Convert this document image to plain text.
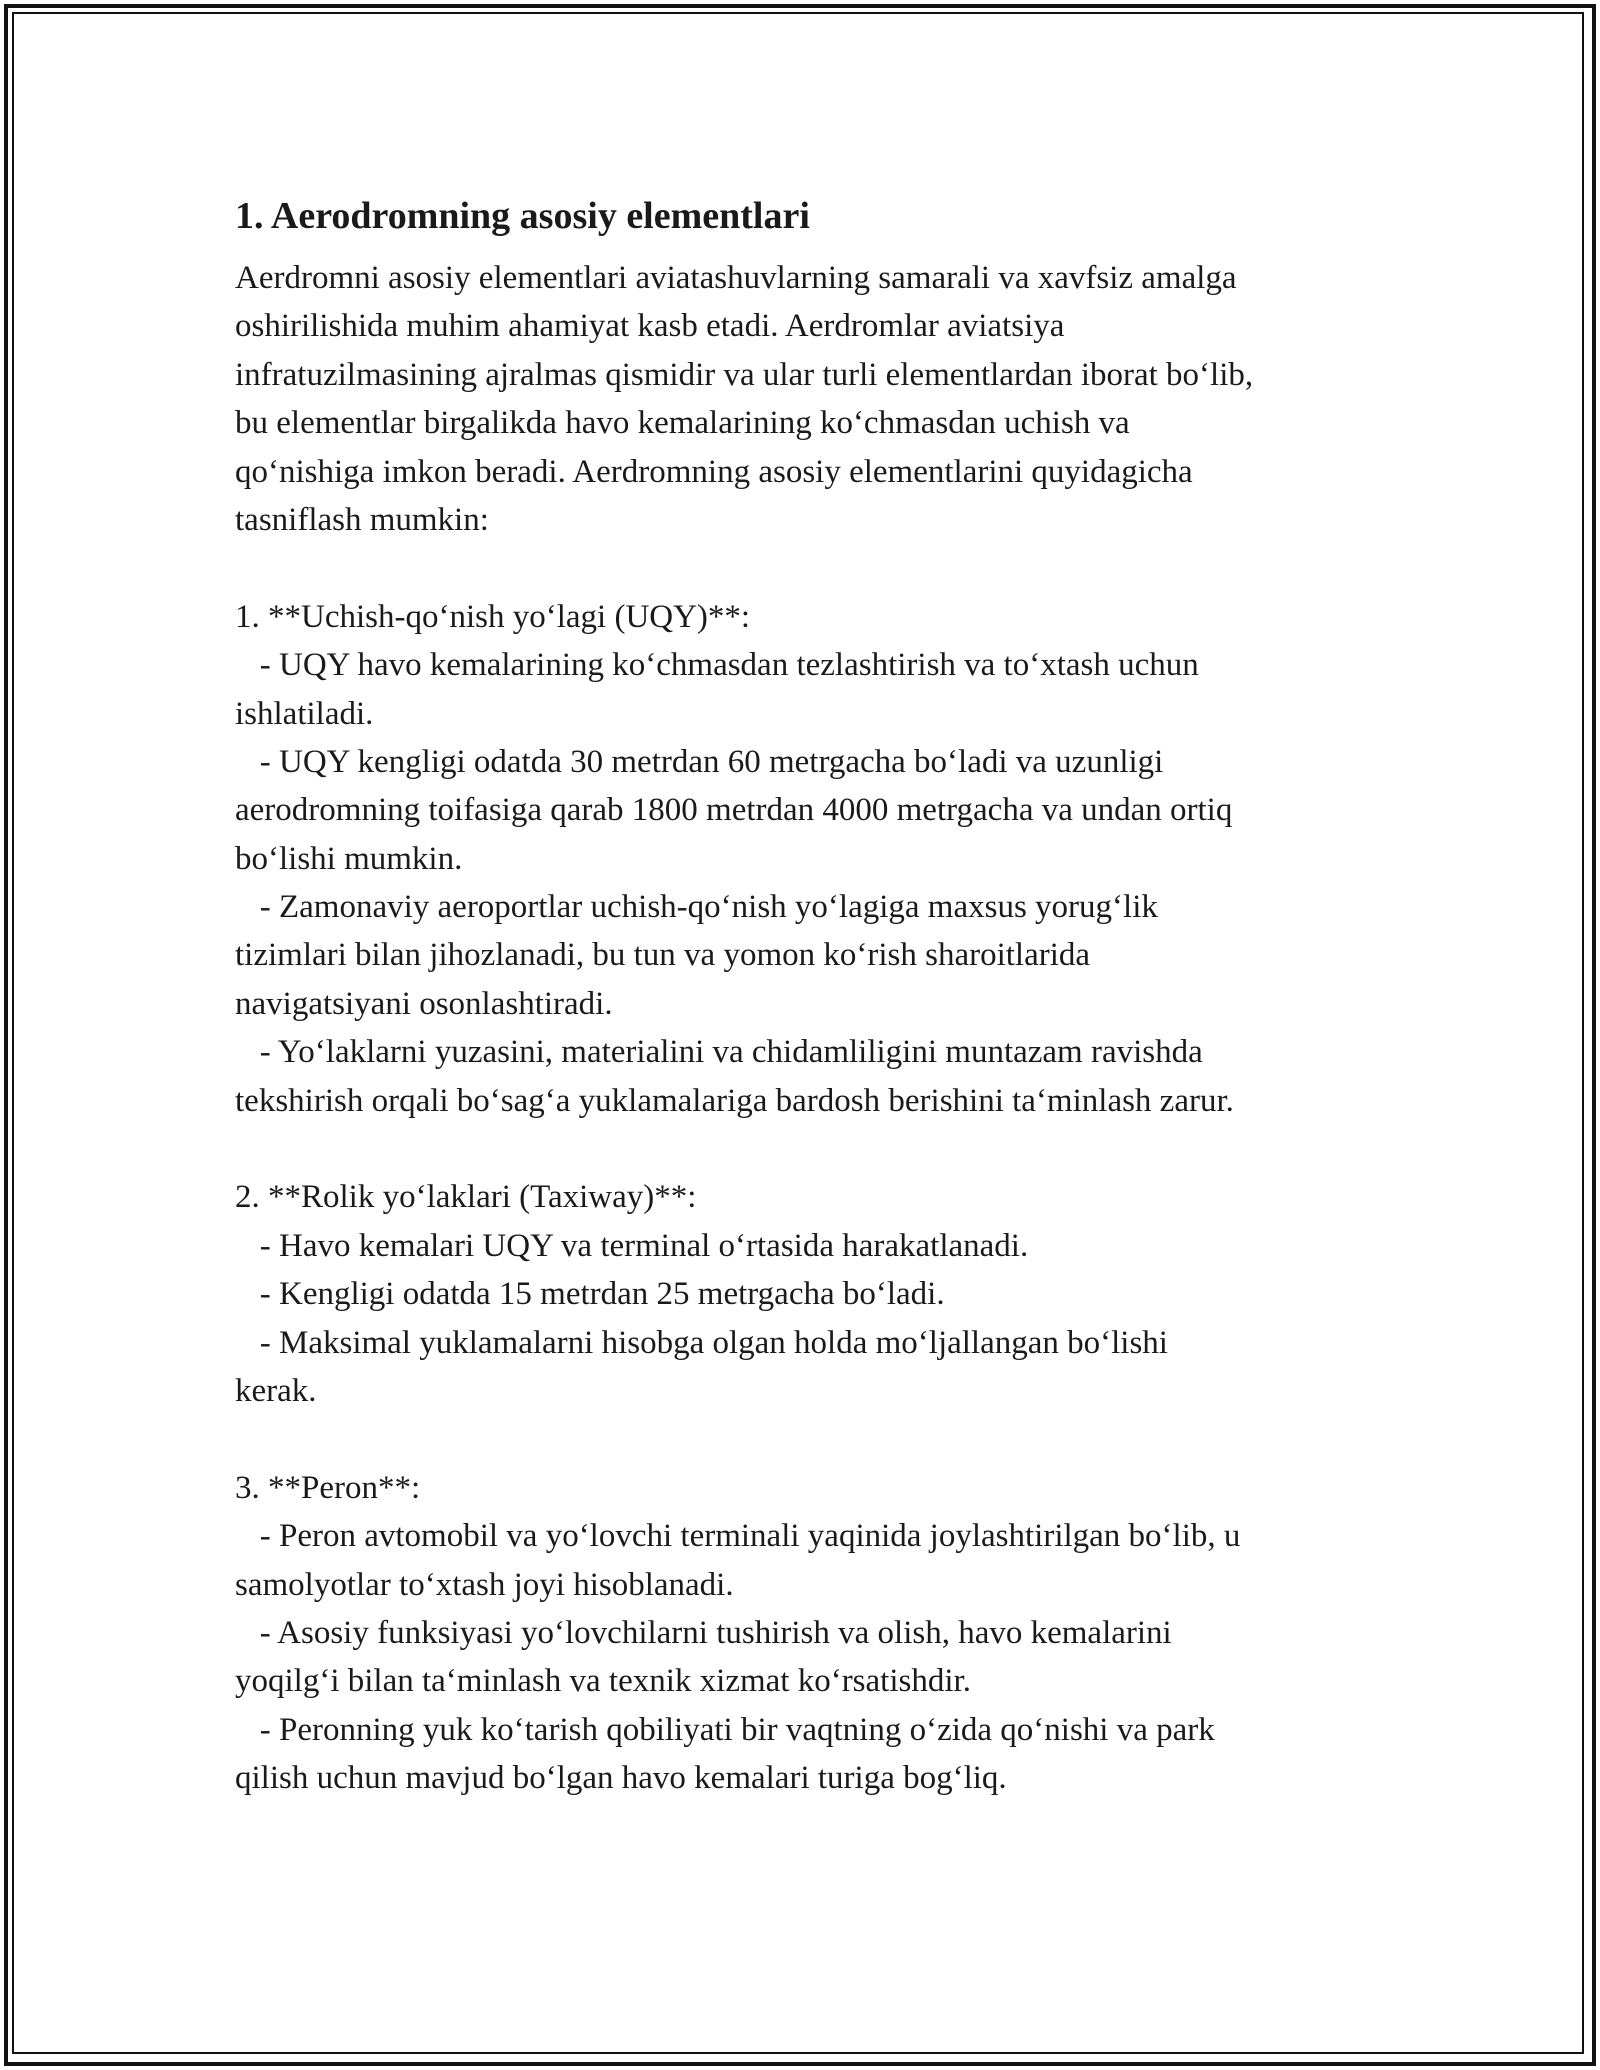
1. Aerodromning asosiy elementlari
Aerdromni asosiy elementlari aviatashuvlarning samarali va xavfsiz amalga
oshirilishida muhim ahamiyat kasb etadi. Aerdromlar aviatsiya
infratuzilmasining ajralmas qismidir va ular turli elementlardan iborat bo‘lib,
bu elementlar birgalikda havo kemalarining ko‘chmasdan uchish va
qo‘nishiga imkon beradi. Aerdromning asosiy elementlarini quyidagicha
tasniflash mumkin:
1. **Uchish-qo‘nish yo‘lagi (UQY)**:
- UQY havo kemalarining ko‘chmasdan tezlashtirish va to‘xtash uchun
ishlatiladi.
- UQY kengligi odatda 30 metrdan 60 metrgacha bo‘ladi va uzunligi
aerodromning toifasiga qarab 1800 metrdan 4000 metrgacha va undan ortiq
bo‘lishi mumkin.
- Zamonaviy aeroportlar uchish-qo‘nish yo‘lagiga maxsus yorug‘lik
tizimlari bilan jihozlanadi, bu tun va yomon ko‘rish sharoitlarida
navigatsiyani osonlashtiradi.
- Yo‘laklarni yuzasini, materialini va chidamliligini muntazam ravishda
tekshirish orqali bo‘sag‘a yuklamalariga bardosh berishini ta‘minlash zarur.
2. **Rolik yo‘laklari (Taxiway)**:
- Havo kemalari UQY va terminal o‘rtasida harakatlanadi.
- Kengligi odatda 15 metrdan 25 metrgacha bo‘ladi.
- Maksimal yuklamalarni hisobga olgan holda mo‘ljallangan bo‘lishi
kerak.
3. **Peron**:
- Peron avtomobil va yo‘lovchi terminali yaqinida joylashtirilgan bo‘lib, u
samolyotlar to‘xtash joyi hisoblanadi.
- Asosiy funksiyasi yo‘lovchilarni tushirish va olish, havo kemalarini
yoqilg‘i bilan ta‘minlash va texnik xizmat ko‘rsatishdir.
- Peronning yuk ko‘tarish qobiliyati bir vaqtning o‘zida qo‘nishi va park
qilish uchun mavjud bo‘lgan havo kemalari turiga bog‘liq.
